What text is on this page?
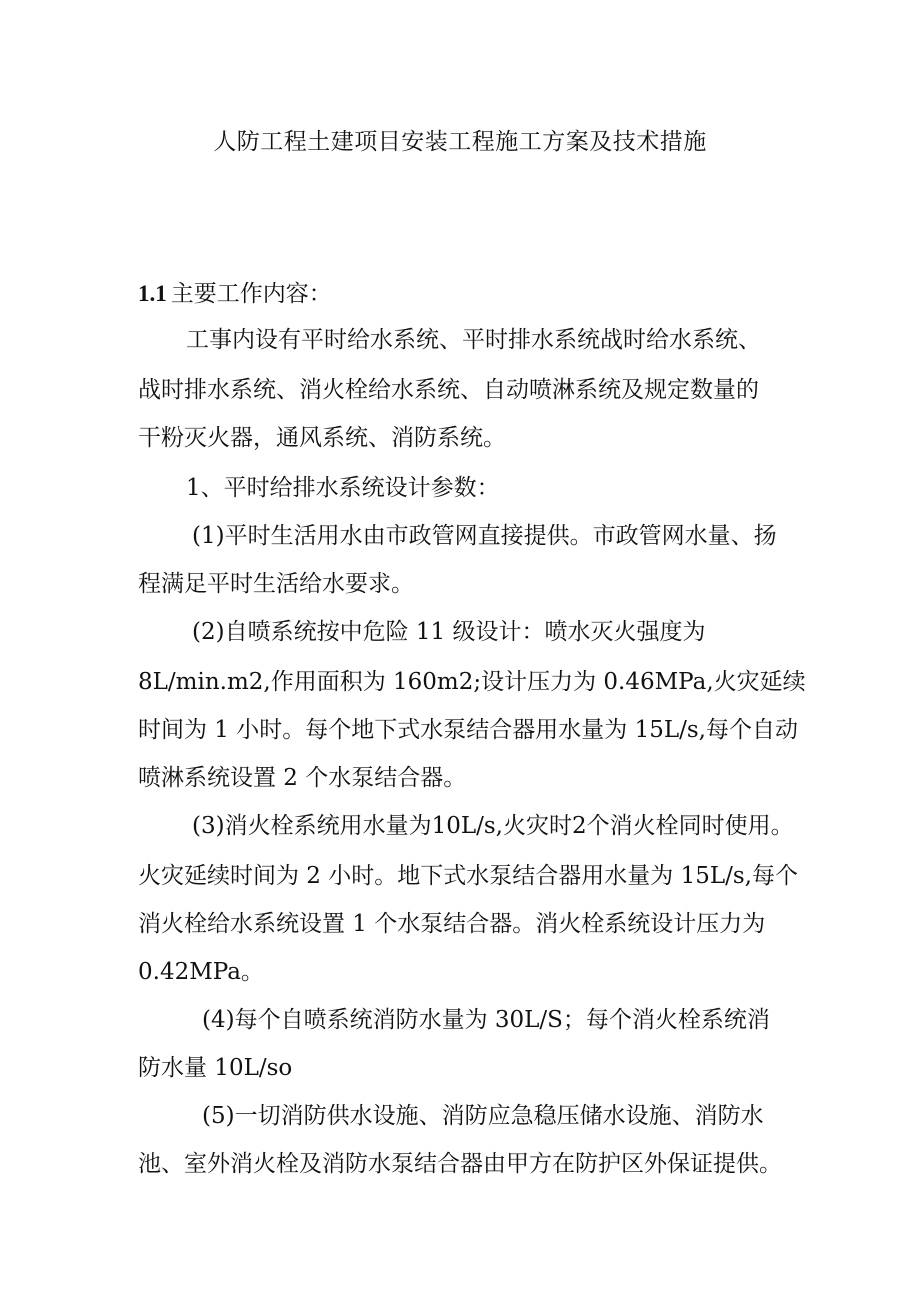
人防工程土建项目安装工程施工方案及技术措施
1.1 主要工作内容：
工事内设有平时给水系统、平时排水系统战时给水系统、
战时排水系统、消火栓给水系统、自动喷淋系统及规定数量的
干粉灭火器，通风系统、消防系统。
1、平时给排水系统设计参数：
(1)平时生活用水由市政管网直接提供。市政管网水量、扬
程满足平时生活给水要求。
(2)自喷系统按中危险 11 级设计：喷水灭火强度为
8L/min.m2,作用面积为 160m2;设计压力为 0.46MPa,火灾延续
时间为 1 小时。每个地下式水泵结合器用水量为 15L/s,每个自动
喷淋系统设置 2 个水泵结合器。
(3)消火栓系统用水量为10L/s,火灾时2个消火栓同时使用。
火灾延续时间为 2 小时。地下式水泵结合器用水量为 15L/s,每个
消火栓给水系统设置 1 个水泵结合器。消火栓系统设计压力为
0.42MPa。
(4)每个自喷系统消防水量为 30L/S；每个消火栓系统消
防水量 10L/so
(5)一切消防供水设施、消防应急稳压储水设施、消防水
池、室外消火栓及消防水泵结合器由甲方在防护区外保证提供。
